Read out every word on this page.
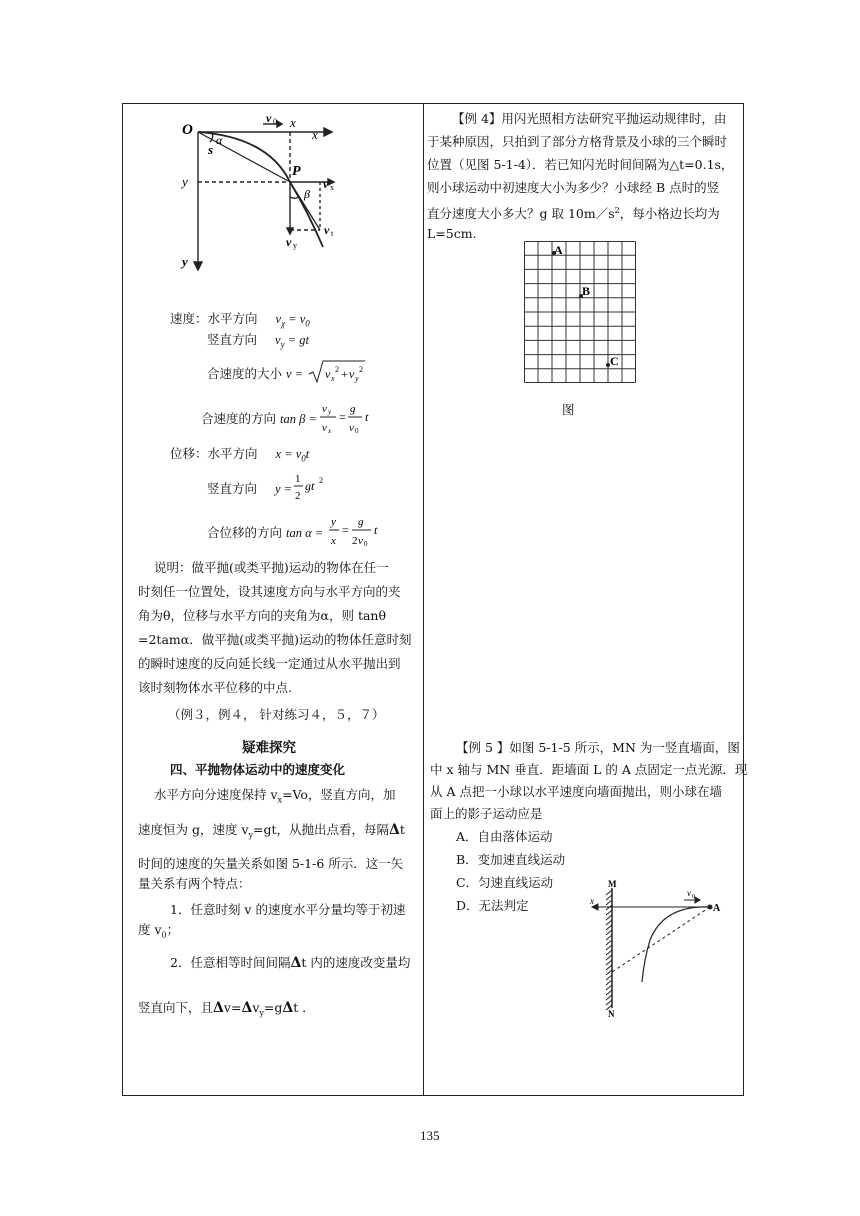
O
v 0 x
x
α
s
y
P
β
v x
v t
v y
y
速度：水平方向 $v_\chi = v_0$
竖直方向 $v_y$ = gt
合速度的大小 v = v x
2 + v y
2
合速度的方向 tan β =
v y
v x
=
g
v 0
t
位移：水平方向 $x = v_0t$
竖直方向 y =
1
2
gt 2
合位移的方向 tan α =
y
x
=
g
2 v 0
t
说明：做平抛(或类平抛)运动的物体在任一
时刻任一位置处，设其速度方向与水平方向的夹
角为θ，位移与水平方向的夹角为α，则 tanθ
=2tamα．做平抛(或类平抛)运动的物体任意时刻
的瞬时速度的反向延长线一定通过从水平抛出到
该时刻物体水平位移的中点.
（例３，例４， 针对练习４，５，７）
疑难探究
四、平抛物体运动中的速度变化
水平方向分速度保持 $v_x=Vo$，竖直方向，加
速度恒为 g，速度 $v_y=gt$，从抛出点看，每隔Δt
时间的速度的矢量关系如图 5-1-6 所示．这一矢
量关系有两个特点：
1．任意时刻 v 的速度水平分量均等于初速
度 $v_0$；
2．任意相等时间间隔Δt 内的速度改变量均
竖直向下，且$\Delta v=\Delta v_y=g\Delta t$ ．
【例 4】用闪光照相方法研究平抛运动规律时，由
于某种原因，只拍到了部分方格背景及小球的三个瞬时
位置（见图 5-1-4）．若已知闪光时间间隔为△t=0.1s，
则小球运动中初速度大小为多少？小球经 B 点时的竖
直分速度大小多大？g 取 $10m/s^2$，每小格边长均为
L=5cm.
A
B
C
图
【例 5 】如图 5-1-5 所示，MN 为一竖直墙面，图
中 x 轴与 MN 垂直．距墙面 L 的 A 点固定一点光源．现
从 A 点把一小球以水平速度向墙面抛出，则小球在墙
面上的影子运动应是
A．自由落体运动
B．变加速直线运动
C．匀速直线运动
D．无法判定
M
N
x
v 0
A
135
